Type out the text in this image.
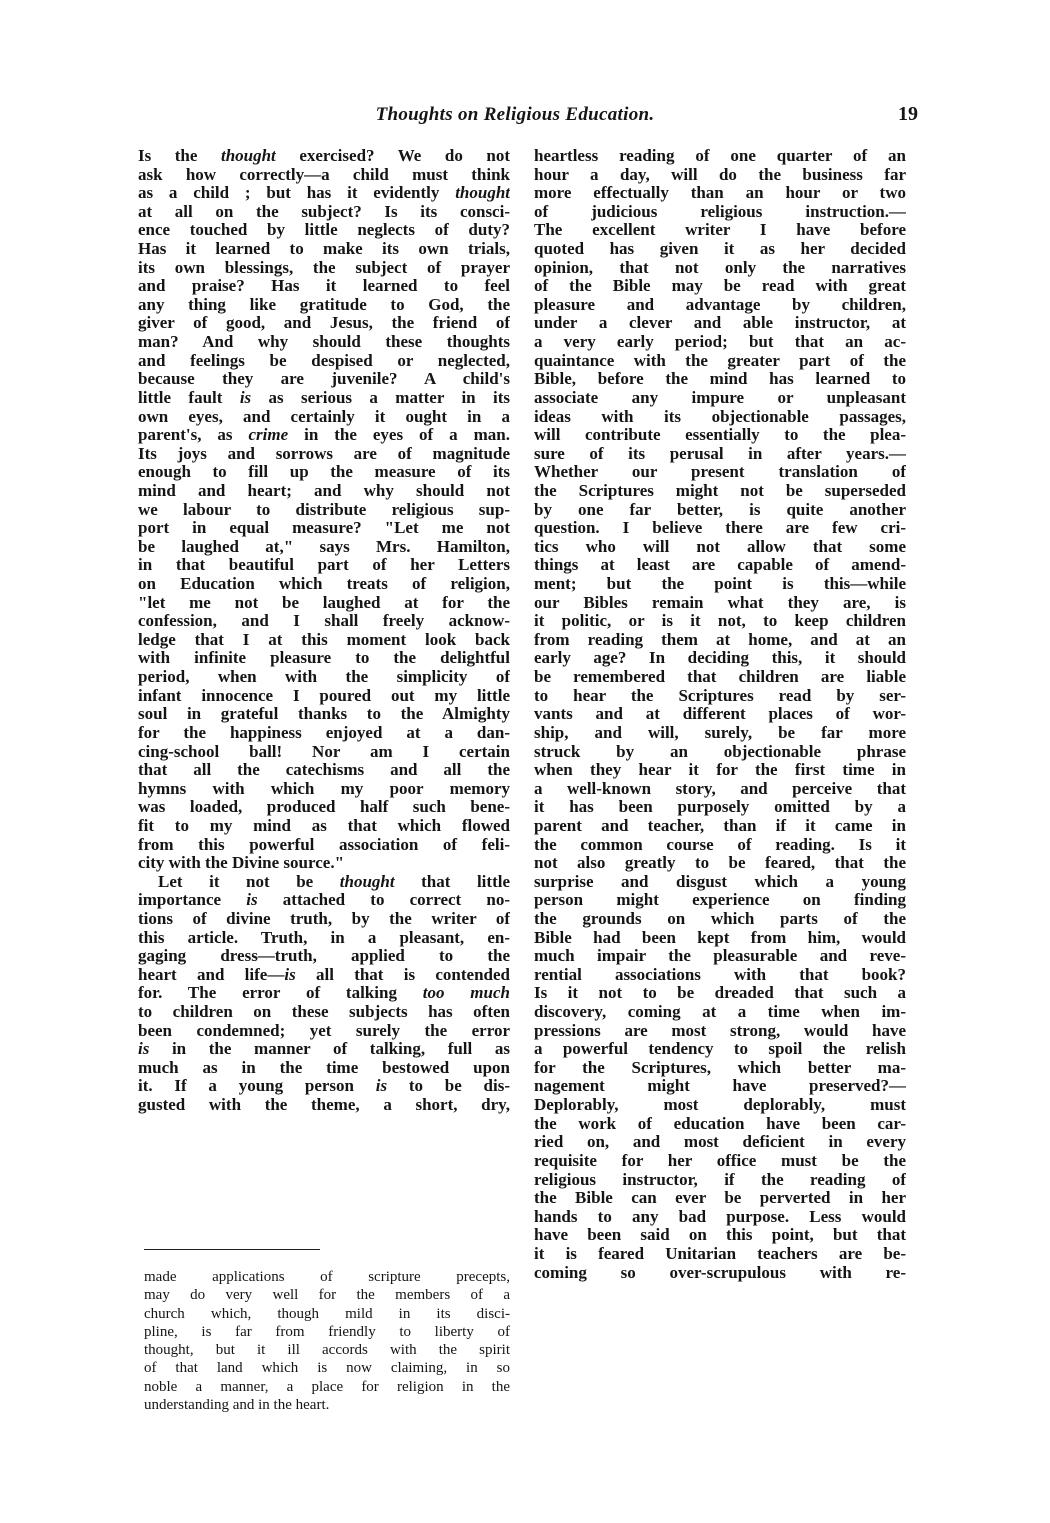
Thoughts on Religious Education.	19
Is the thought exercised? We do not
ask how correctly—a child must think
as a child ; but has it evidently thought
at all on the subject? Is its consci-
ence touched by little neglects of duty?
Has it learned to make its own trials,
its own blessings, the subject of prayer
and praise? Has it learned to feel
any thing like gratitude to God, the
giver of good, and Jesus, the friend of
man? And why should these thoughts
and feelings be despised or neglected,
because they are juvenile? A child's
little fault is as serious a matter in its
own eyes, and certainly it ought in a
parent's, as crime in the eyes of a man.
Its joys and sorrows are of magnitude
enough to fill up the measure of its
mind and heart; and why should not
we labour to distribute religious sup-
port in equal measure? "Let me not
be laughed at," says Mrs. Hamilton,
in that beautiful part of her Letters
on Education which treats of religion,
"let me not be laughed at for the
confession, and I shall freely acknow-
ledge that I at this moment look back
with infinite pleasure to the delightful
period, when with the simplicity of
infant innocence I poured out my little
soul in grateful thanks to the Almighty
for the happiness enjoyed at a dan-
cing-school ball! Nor am I certain
that all the catechisms and all the
hymns with which my poor memory
was loaded, produced half such bene-
fit to my mind as that which flowed
from this powerful association of feli-
city with the Divine source."
Let it not be thought that little
importance is attached to correct no-
tions of divine truth, by the writer of
this article. Truth, in a pleasant, en-
gaging dress—truth, applied to the
heart and life—is all that is contended
for. The error of talking too much
to children on these subjects has often
been condemned; yet surely the error
is in the manner of talking, full as
much as in the time bestowed upon
it. If a young person is to be dis-
gusted with the theme, a short, dry,
heartless reading of one quarter of an
hour a day, will do the business far
more effectually than an hour or two
of judicious religious instruction.—
The excellent writer I have before
quoted has given it as her decided
opinion, that not only the narratives
of the Bible may be read with great
pleasure and advantage by children,
under a clever and able instructor, at
a very early period; but that an ac-
quaintance with the greater part of the
Bible, before the mind has learned to
associate any impure or unpleasant
ideas with its objectionable passages,
will contribute essentially to the plea-
sure of its perusal in after years.—
Whether our present translation of
the Scriptures might not be superseded
by one far better, is quite another
question. I believe there are few cri-
tics who will not allow that some
things at least are capable of amend-
ment; but the point is this—while
our Bibles remain what they are, is
it politic, or is it not, to keep children
from reading them at home, and at an
early age? In deciding this, it should
be remembered that children are liable
to hear the Scriptures read by ser-
vants and at different places of wor-
ship, and will, surely, be far more
struck by an objectionable phrase
when they hear it for the first time in
a well-known story, and perceive that
it has been purposely omitted by a
parent and teacher, than if it came in
the common course of reading. Is it
not also greatly to be feared, that the
surprise and disgust which a young
person might experience on finding
the grounds on which parts of the
Bible had been kept from him, would
much impair the pleasurable and reve-
rential associations with that book?
Is it not to be dreaded that such a
discovery, coming at a time when im-
pressions are most strong, would have
a powerful tendency to spoil the relish
for the Scriptures, which better ma-
nagement might have preserved?—
Deplorably, most deplorably, must
the work of education have been car-
ried on, and most deficient in every
requisite for her office must be the
religious instructor, if the reading of
the Bible can ever be perverted in her
hands to any bad purpose. Less would
have been said on this point, but that
it is feared Unitarian teachers are be-
coming so over-scrupulous with re-
made applications of scripture precepts,
may do very well for the members of a
church which, though mild in its disci-
pline, is far from friendly to liberty of
thought, but it ill accords with the spirit
of that land which is now claiming, in so
noble a manner, a place for religion in the
understanding and in the heart.
